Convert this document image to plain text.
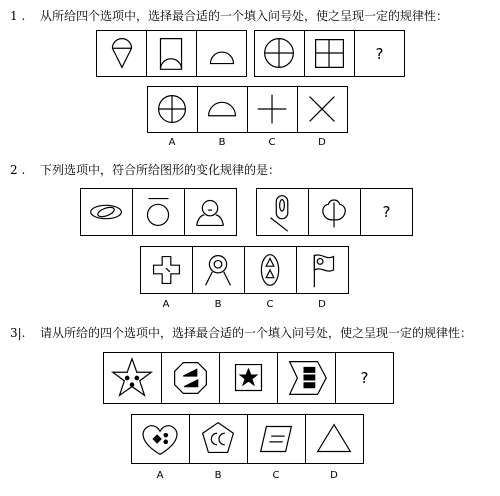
1 . 从所给四个选项中，选择最合适的一个填入问号处，使之呈现一定的规律性：
?
A	B	C	D
2 . 下列选项中，符合所给图形的变化规律的是：
?
A	B	C	D
3|. 请从所给的四个选项中，选择最合适的一个填入问号处，使之呈现一定的规律性：
?
A	B	C	D
